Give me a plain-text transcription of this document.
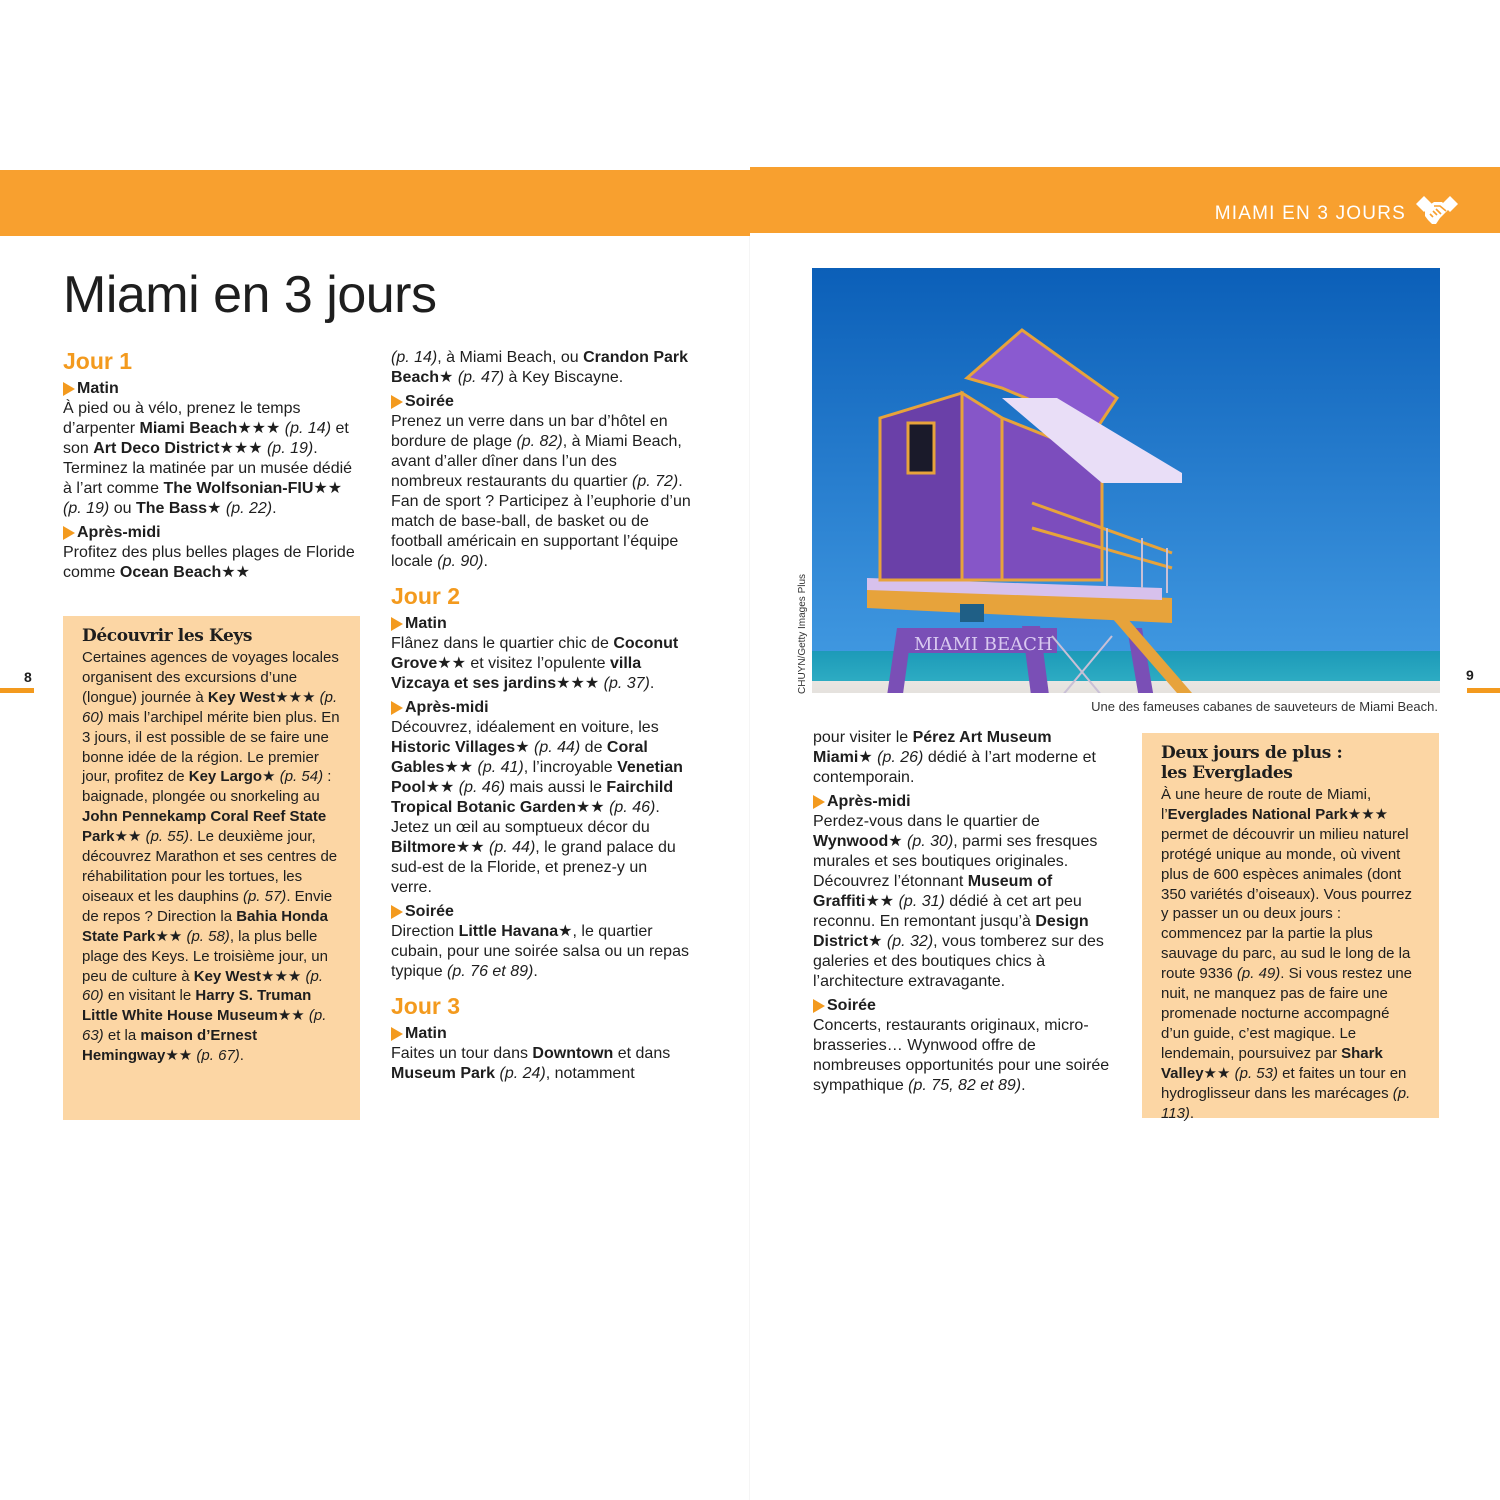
MIAMI EN 3 JOURS
Miami en 3 jours
Jour 1
Matin

À pied ou à vélo, prenez le temps d’arpenter Miami Beach★★★ (p. 14) et son Art Deco District★★★ (p. 19). Terminez la matinée par un musée dédié à l’art comme The Wolfsonian-FIU★★ (p. 19) ou The Bass★ (p. 22).

Après-midi

Profitez des plus belles plages de Floride comme Ocean Beach★★

Découvrir les Keys

Certaines agences de voyages locales organisent des excursions d’une (longue) journée à Key West★★★ (p. 60) mais l’archipel mérite bien plus. En 3 jours, il est possible de se faire une bonne idée de la région. Le premier jour, profitez de Key Largo★ (p. 54) : baignade, plongée ou snorkeling au John Pennekamp Coral Reef State Park★★ (p. 55). Le deuxième jour, découvrez Marathon et ses centres de réhabilitation pour les tortues, les oiseaux et les dauphins (p. 57). Envie de repos ? Direction la Bahia Honda State Park★★ (p. 58), la plus belle plage des Keys. Le troisième jour, un peu de culture à Key West★★★ (p. 60) en visitant le Harry S. Truman Little White House Museum★★ (p. 63) et la maison d’Ernest Hemingway★★ (p. 67).

(p. 14), à Miami Beach, ou Crandon Park Beach★ (p. 47) à Key Biscayne.

Soirée

Prenez un verre dans un bar d’hôtel en bordure de plage (p. 82), à Miami Beach, avant d’aller dîner dans l’un des nombreux restaurants du quartier (p. 72). Fan de sport ? Participez à l’euphorie d’un match de base-ball, de basket ou de football américain en supportant l’équipe locale (p. 90).

Jour 2
Matin

Flânez dans le quartier chic de Coconut Grove★★ et visitez l’opulente villa Vizcaya et ses jardins★★★ (p. 37).

Après-midi

Découvrez, idéalement en voiture, les Historic Villages★ (p. 44) de Coral Gables★★ (p. 41), l’incroyable Venetian Pool★★ (p. 46) mais aussi le Fairchild Tropical Botanic Garden★★ (p. 46). Jetez un œil au somptueux décor du Biltmore★★ (p. 44), le grand palace du sud-est de la Floride, et prenez-y un verre.

Soirée

Direction Little Havana★, le quartier cubain, pour une soirée salsa ou un repas typique (p. 76 et 89).

Jour 3
Matin

Faites un tour dans Downtown et dans Museum Park (p. 24), notamment

MIAMI BEACH
CHUYN/Getty Images Plus
Une des fameuses cabanes de sauveteurs de Miami Beach.

pour visiter le Pérez Art Museum Miami★ (p. 26) dédié à l’art moderne et contemporain.

Après-midi

Perdez-vous dans le quartier de Wynwood★ (p. 30), parmi ses fresques murales et ses boutiques originales. Découvrez l’étonnant Museum of Graffiti★★ (p. 31) dédié à cet art peu reconnu. En remontant jusqu’à Design District★ (p. 32), vous tomberez sur des galeries et des boutiques chics à l’architecture extravagante.

Soirée

Concerts, restaurants originaux, micro-brasseries… Wynwood offre de nombreuses opportunités pour une soirée sympathique (p. 75, 82 et 89).

Deux jours de plus :
les Everglades

À une heure de route de Miami, l’Everglades National Park★★★ permet de découvrir un milieu naturel protégé unique au monde, où vivent plus de 600 espèces animales (dont 350 variétés d’oiseaux). Vous pourrez y passer un ou deux jours : commencez par la partie la plus sauvage du parc, au sud le long de la route 9336 (p. 49). Si vous restez une nuit, ne manquez pas de faire une promenade nocturne accompagné d’un guide, c’est magique. Le lendemain, poursuivez par Shark Valley★★ (p. 53) et faites un tour en hydroglisseur dans les marécages (p. 113).

8	9
